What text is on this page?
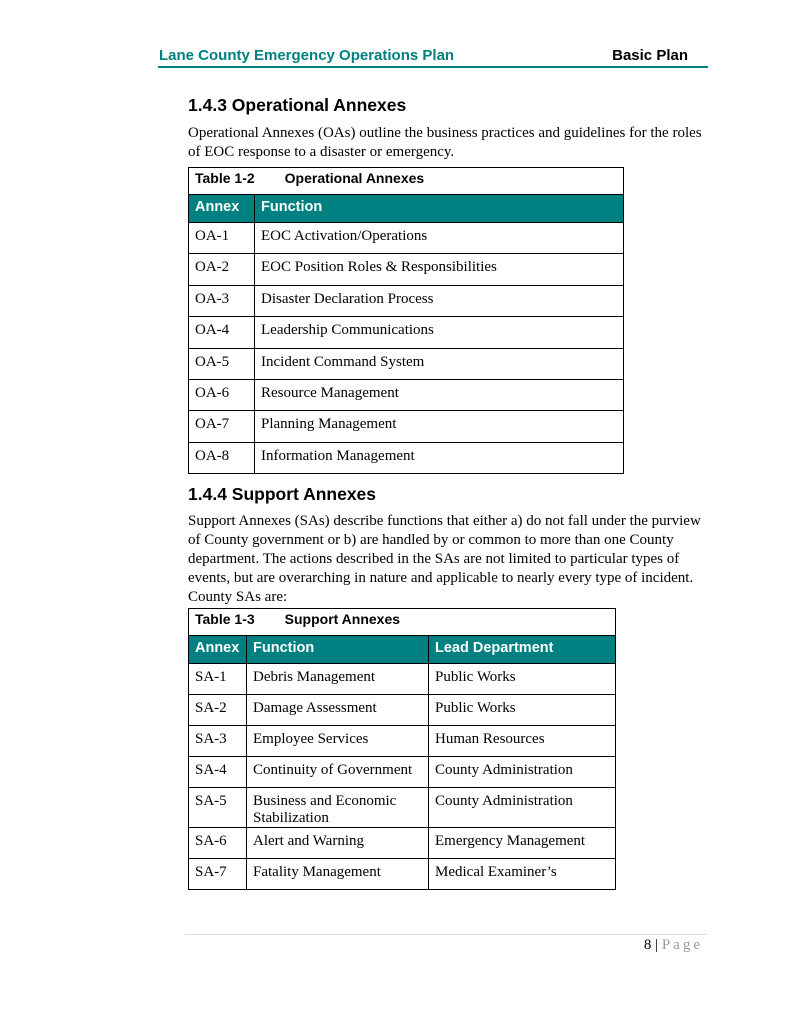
Lane County Emergency Operations Plan	Basic Plan
1.4.3 Operational Annexes

Operational Annexes (OAs) outline the business practices and guidelines for the roles of EOC response to a disaster or emergency.

Table 1-2 Operational Annexes	
Annex	Function
OA-1	EOC Activation/Operations
OA-2	EOC Position Roles & Responsibilities
OA-3	Disaster Declaration Process
OA-4	Leadership Communications
OA-5	Incident Command System
OA-6	Resource Management
OA-7	Planning Management
OA-8	Information Management
1.4.4 Support Annexes

Support Annexes (SAs) describe functions that either a) do not fall under the purview of County government or b) are handled by or common to more than one County department. The actions described in the SAs are not limited to particular types of events, but are overarching in nature and applicable to nearly every type of incident. County SAs are:

Table 1-3 Support Annexes		
Annex	Function	Lead Department
SA-1	Debris Management	Public Works
SA-2	Damage Assessment	Public Works
SA-3	Employee Services	Human Resources
SA-4	Continuity of Government	County Administration
SA-5	Business and Economic Stabilization	County Administration
SA-6	Alert and Warning	Emergency Management
SA-7	Fatality Management	Medical Examiner’s
8 | Page
